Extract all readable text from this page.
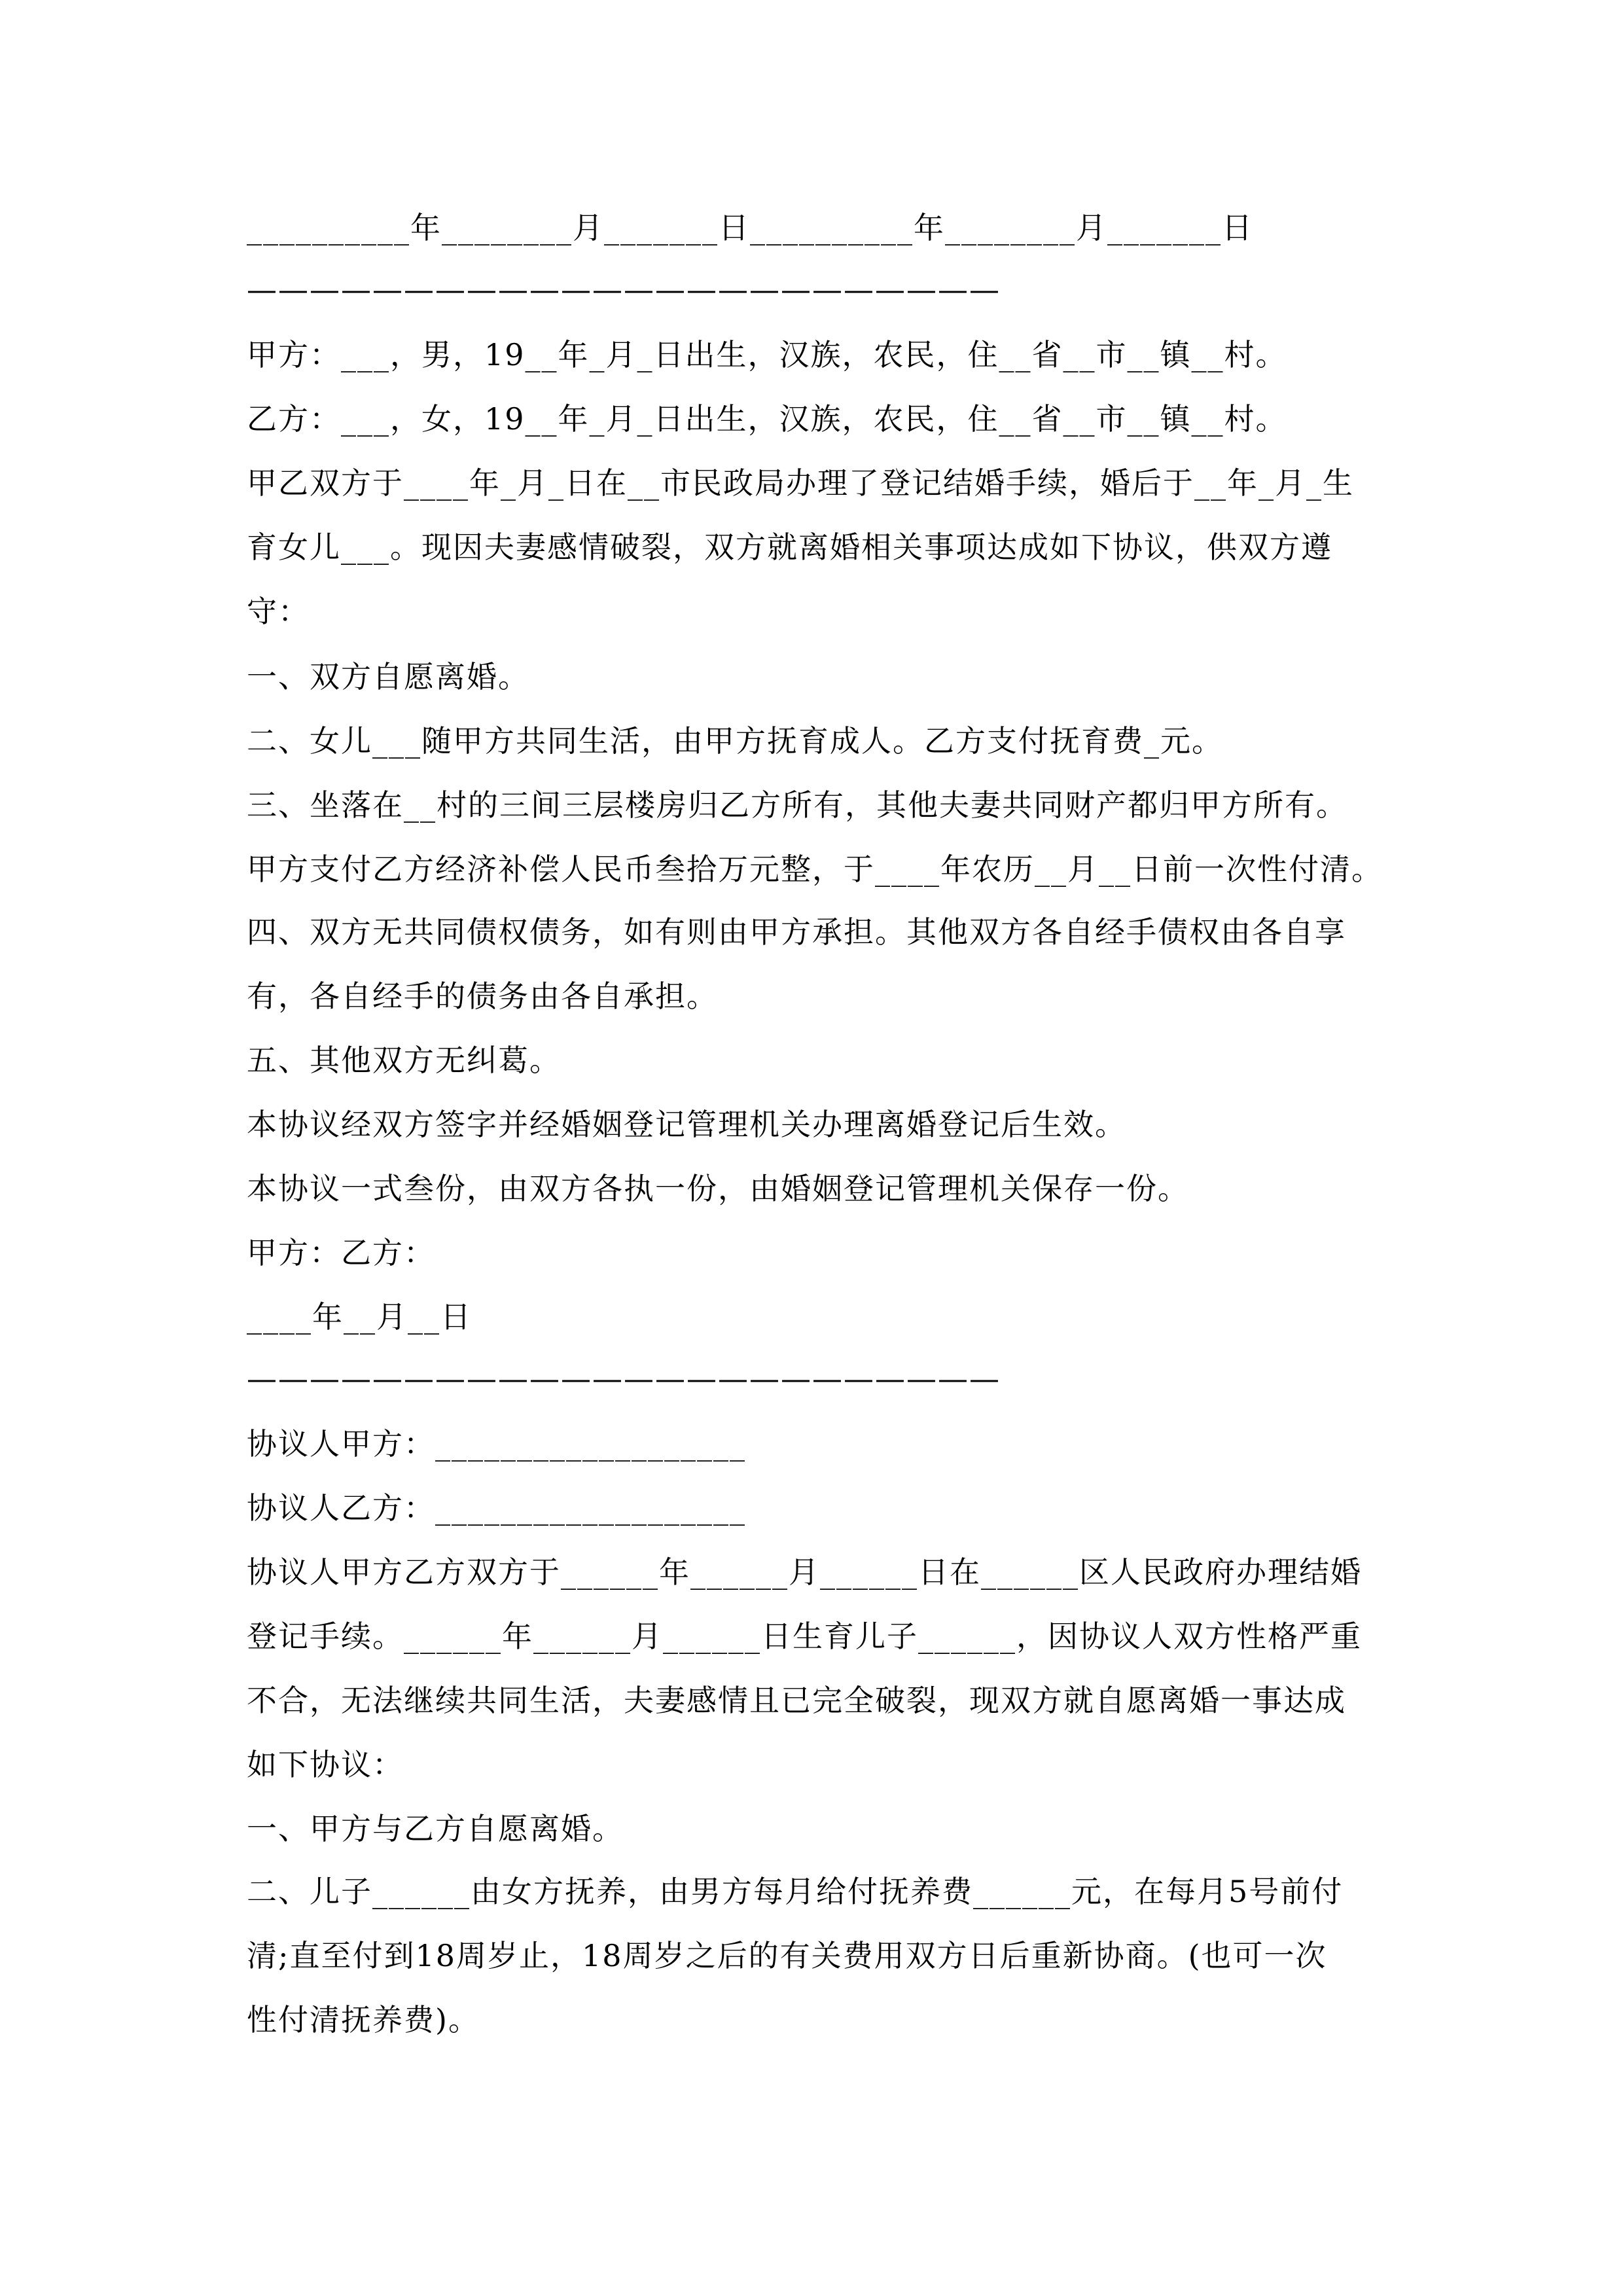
__________年________月_______日__________年________月_______日
————————————————————————
甲方：___，男，19__年_月_日出生，汉族，农民，住__省__市__镇__村。
乙方：___，女，19__年_月_日出生，汉族，农民，住__省__市__镇__村。
甲乙双方于____年_月_日在__市民政局办理了登记结婚手续，婚后于__年_月_生
育女儿___。现因夫妻感情破裂，双方就离婚相关事项达成如下协议，供双方遵
守：
一、双方自愿离婚。
二、女儿___随甲方共同生活，由甲方抚育成人。乙方支付抚育费_元。
三、坐落在__村的三间三层楼房归乙方所有，其他夫妻共同财产都归甲方所有。
甲方支付乙方经济补偿人民币叁拾万元整，于____年农历__月__日前一次性付清。
四、双方无共同债权债务，如有则由甲方承担。其他双方各自经手债权由各自享
有，各自经手的债务由各自承担。
五、其他双方无纠葛。
本协议经双方签字并经婚姻登记管理机关办理离婚登记后生效。
本协议一式叁份，由双方各执一份，由婚姻登记管理机关保存一份。
甲方：乙方：
____年__月__日
————————————————————————
协议人甲方：___________________
协议人乙方：___________________
协议人甲方乙方双方于______年______月______日在______区人民政府办理结婚
登记手续。______年______月______日生育儿子______，因协议人双方性格严重
不合，无法继续共同生活，夫妻感情且已完全破裂，现双方就自愿离婚一事达成
如下协议：
一、甲方与乙方自愿离婚。
二、儿子______由女方抚养，由男方每月给付抚养费______元，在每月5号前付
清;直至付到18周岁止，18周岁之后的有关费用双方日后重新协商。(也可一次
性付清抚养费)。
